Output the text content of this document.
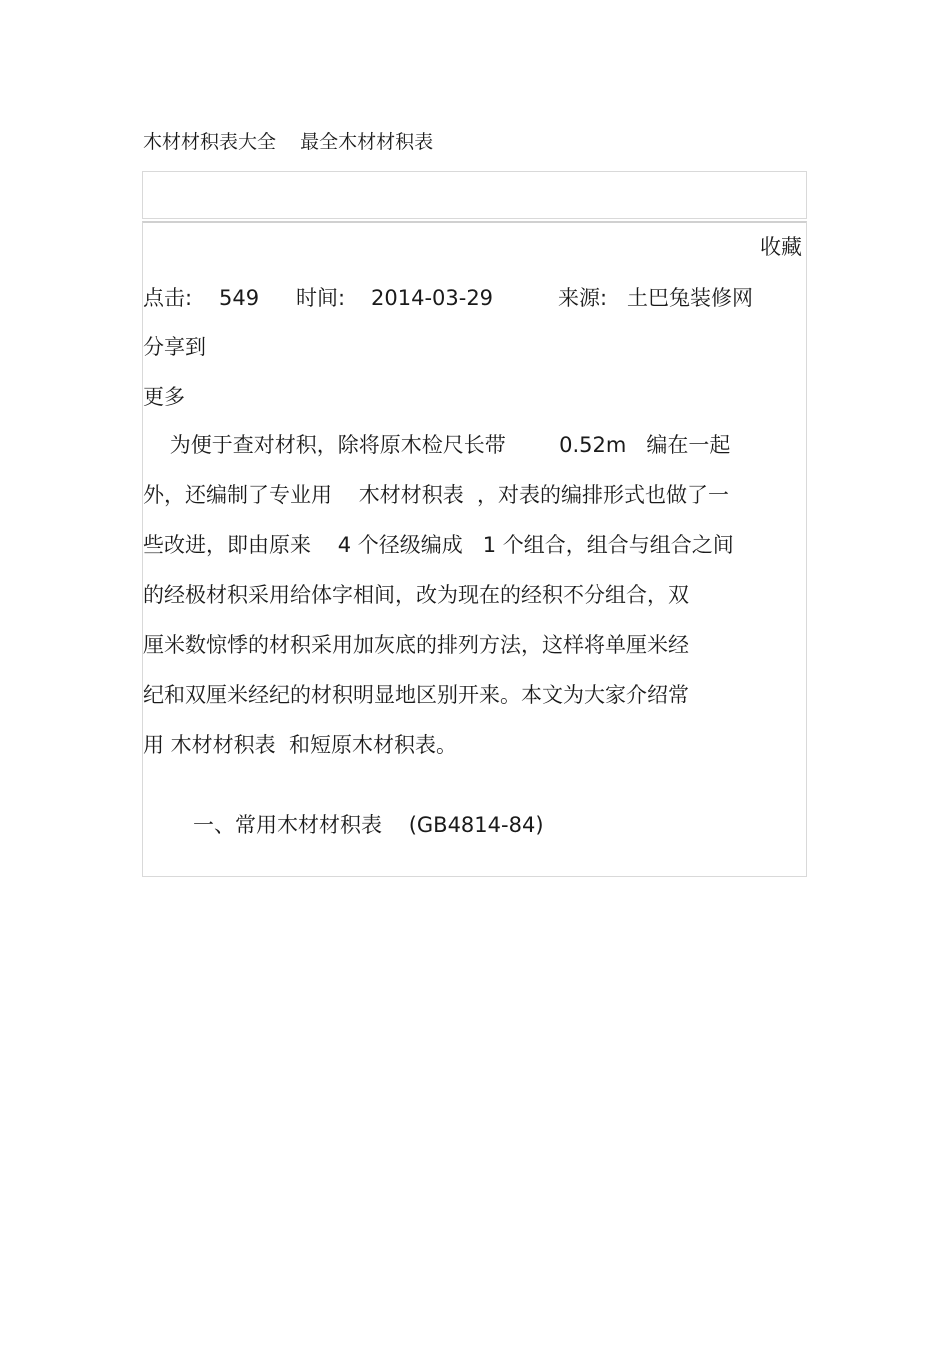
木材材积表大全    最全木材材积表
收藏
点击: 549 时间: 2014-03-29	来源: 土巴兔装修网
分享到
更多
为便于查对材积，除将原木检尺长带        0.52m   编在一起
外，还编制了专业用    木材材积表  ，对表的编排形式也做了一
些改进，即由原来    4 个径级编成   1 个组合，组合与组合之间
的经极材积采用给体字相间，改为现在的经积不分组合，双
厘米数惊悸的材积采用加灰底的排列方法，这样将单厘米经
纪和双厘米经纪的材积明显地区别开来。本文为大家介绍常
用 木材材积表  和短原木材积表。
一、常用木材材积表    (GB4814-84)
